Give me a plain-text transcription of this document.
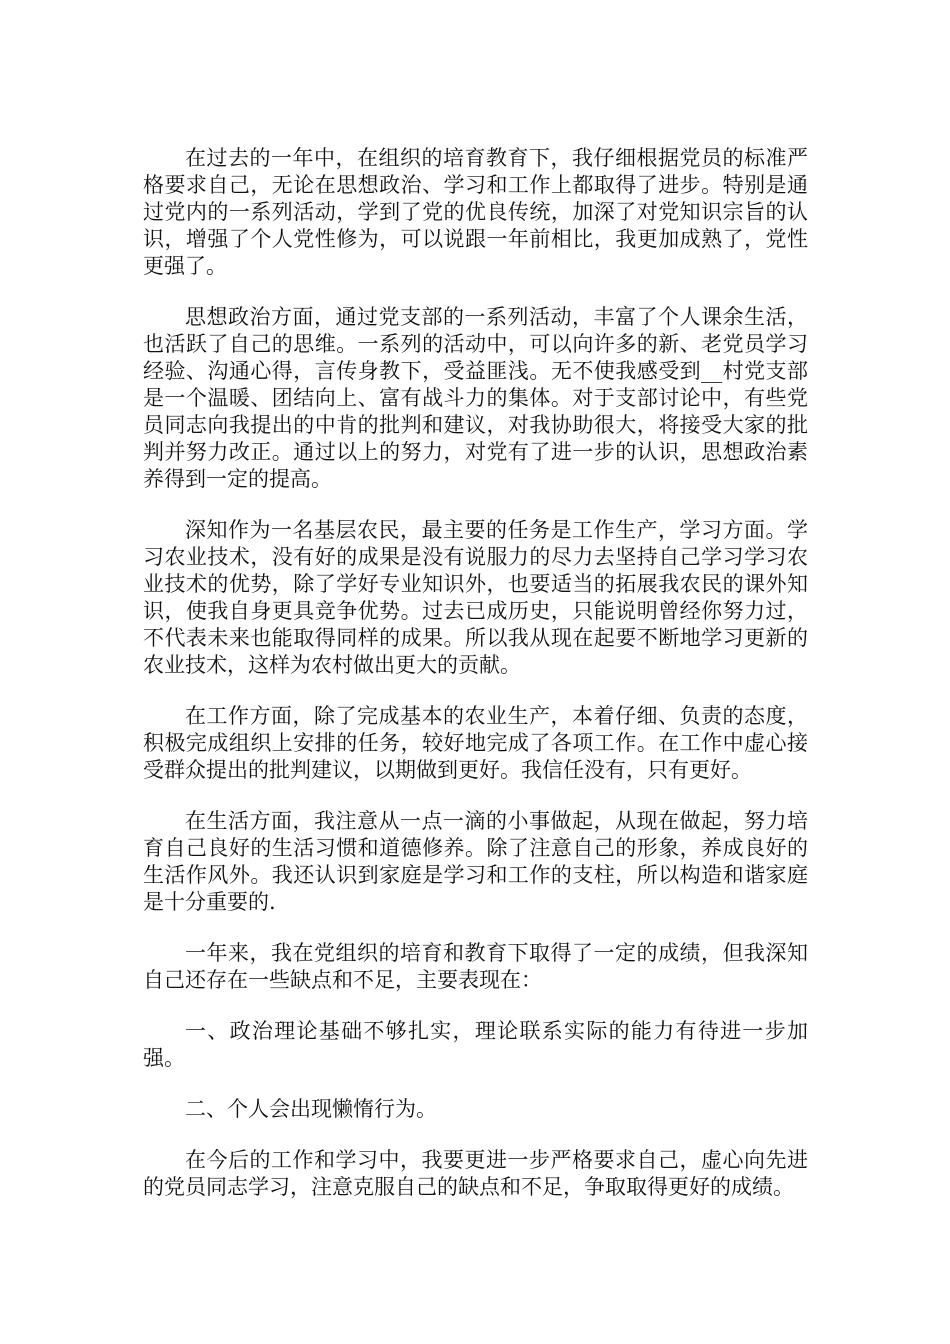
在过去的一年中，在组织的培育教育下，我仔细根据党员的标准严格要求自己，无论在思想政治、学习和工作上都取得了进步。特别是通过党内的一系列活动，学到了党的优良传统，加深了对党知识宗旨的认识，增强了个人党性修为，可以说跟一年前相比，我更加成熟了，党性更强了。

思想政治方面，通过党支部的一系列活动，丰富了个人课余生活，也活跃了自己的思维。一系列的活动中，可以向许多的新、老党员学习经验、沟通心得，言传身教下，受益匪浅。无不使我感受到__村党支部是一个温暖、团结向上、富有战斗力的集体。对于支部讨论中，有些党员同志向我提出的中肯的批判和建议，对我协助很大，将接受大家的批判并努力改正。通过以上的努力，对党有了进一步的认识，思想政治素养得到一定的提高。

深知作为一名基层农民，最主要的任务是工作生产，学习方面。学习农业技术，没有好的成果是没有说服力的尽力去坚持自己学习学习农业技术的优势，除了学好专业知识外，也要适当的拓展我农民的课外知识，使我自身更具竞争优势。过去已成历史，只能说明曾经你努力过，不代表未来也能取得同样的成果。所以我从现在起要不断地学习更新的农业技术，这样为农村做出更大的贡献。

在工作方面，除了完成基本的农业生产，本着仔细、负责的态度，积极完成组织上安排的任务，较好地完成了各项工作。在工作中虚心接受群众提出的批判建议，以期做到更好。我信任没有，只有更好。

在生活方面，我注意从一点一滴的小事做起，从现在做起，努力培育自己良好的生活习惯和道德修养。除了注意自己的形象，养成良好的生活作风外。我还认识到家庭是学习和工作的支柱，所以构造和谐家庭是十分重要的.

一年来，我在党组织的培育和教育下取得了一定的成绩，但我深知自己还存在一些缺点和不足，主要表现在：

一、政治理论基础不够扎实，理论联系实际的能力有待进一步加强。

二、个人会出现懒惰行为。

在今后的工作和学习中，我要更进一步严格要求自己，虚心向先进的党员同志学习，注意克服自己的缺点和不足，争取取得更好的成绩。
